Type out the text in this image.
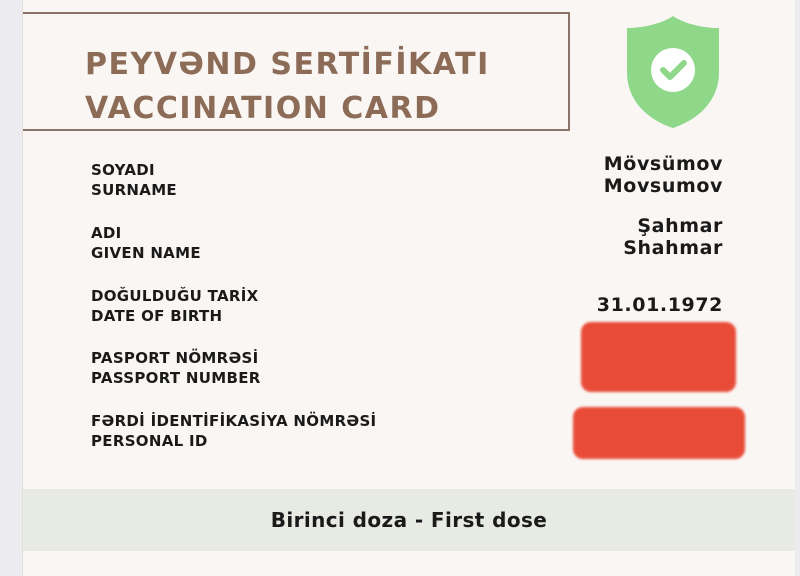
PEYVƏND SERTİFİKATI
VACCINATION CARD
SOYADI
SURNAME
Mövsümov
Movsumov
ADI
GIVEN NAME
Şahmar
Shahmar
DOĞULDUĞU TARİX
DATE OF BIRTH	31.01.1972
PASPORT NÖMRƏSİ
PASSPORT NUMBER
FƏRDİ İDENTİFİKASİYA NÖMRƏSİ
PERSONAL ID
Birinci doza - First dose
